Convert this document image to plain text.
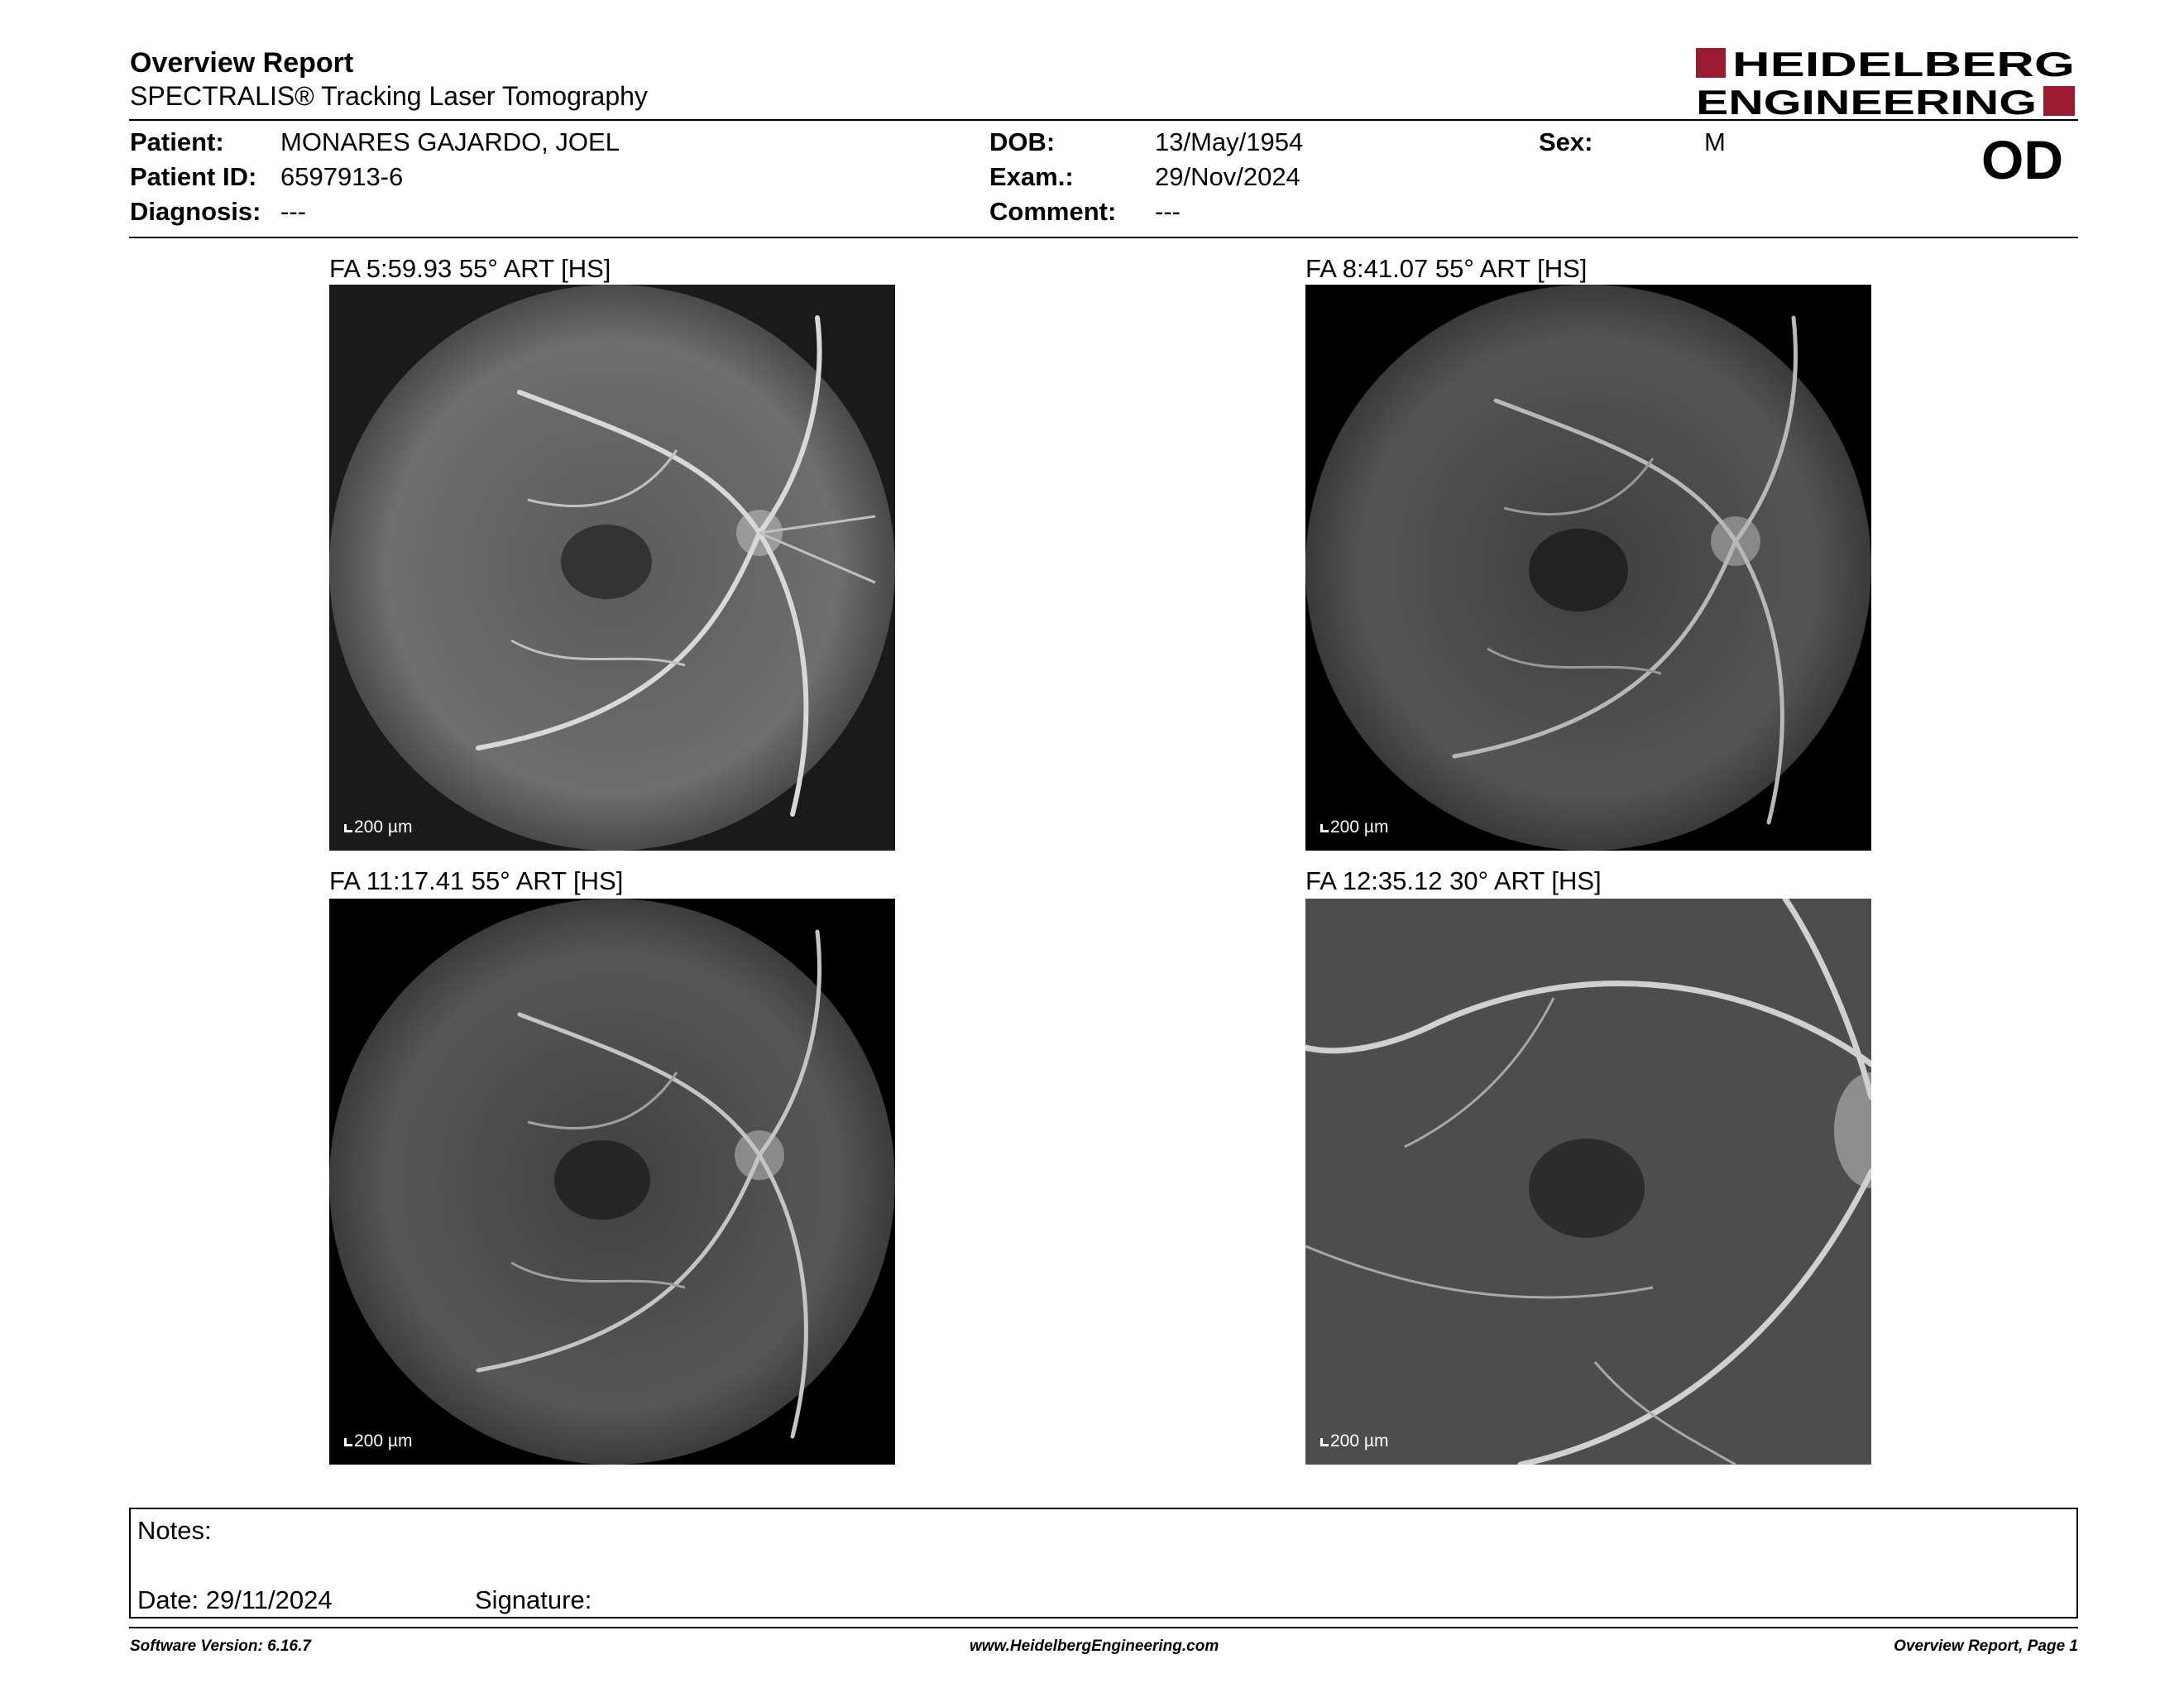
Overview Report
SPECTRALIS® Tracking Laser Tomography
HEIDELBERG
ENGINEERING
Patient: MONARES GAJARDO, JOEL
Patient ID: 6597913-6
Diagnosis: ---
DOB:	13/May/1954
Exam.:	29/Nov/2024
Comment: ---
Sex:	M	OD
FA 5:59.93 55° ART [HS]	FA 8:41.07 55° ART [HS]
FA 11:17.41 55° ART [HS]	FA 12:35.12 30° ART [HS]
200 µm	200 µm
200 µm	200 µm
Notes:
Date: 29/11/2024	Signature:
Software Version: 6.16.7	www.HeidelbergEngineering.com	Overview Report, Page 1
